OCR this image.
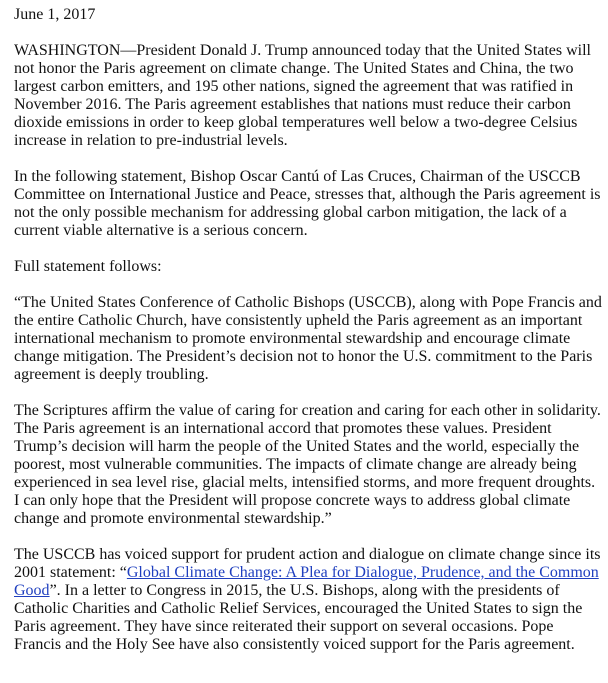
June 1, 2017

WASHINGTON—President Donald J. Trump announced today that the United States will not honor the Paris agreement on climate change. The United States and China, the two largest carbon emitters, and 195 other nations, signed the agreement that was ratified in November 2016. The Paris agreement establishes that nations must reduce their carbon dioxide emissions in order to keep global temperatures well below a two-degree Celsius increase in relation to pre-industrial levels.

In the following statement, Bishop Oscar Cantú of Las Cruces, Chairman of the USCCB Committee on International Justice and Peace, stresses that, although the Paris agreement is not the only possible mechanism for addressing global carbon mitigation, the lack of a current viable alternative is a serious concern.

Full statement follows:

“The United States Conference of Catholic Bishops (USCCB), along with Pope Francis and the entire Catholic Church, have consistently upheld the Paris agreement as an important international mechanism to promote environmental stewardship and encourage climate change mitigation. The President’s decision not to honor the U.S. commitment to the Paris agreement is deeply troubling.

The Scriptures affirm the value of caring for creation and caring for each other in solidarity. The Paris agreement is an international accord that promotes these values. President Trump’s decision will harm the people of the United States and the world, especially the poorest, most vulnerable communities. The impacts of climate change are already being experienced in sea level rise, glacial melts, intensified storms, and more frequent droughts. I can only hope that the President will propose concrete ways to address global climate change and promote environmental stewardship.”

The USCCB has voiced support for prudent action and dialogue on climate change since its 2001 statement: “Global Climate Change: A Plea for Dialogue, Prudence, and the Common Good”. In a letter to Congress in 2015, the U.S. Bishops, along with the presidents of Catholic Charities and Catholic Relief Services, encouraged the United States to sign the Paris agreement. They have since reiterated their support on several occasions. Pope Francis and the Holy See have also consistently voiced support for the Paris agreement.
